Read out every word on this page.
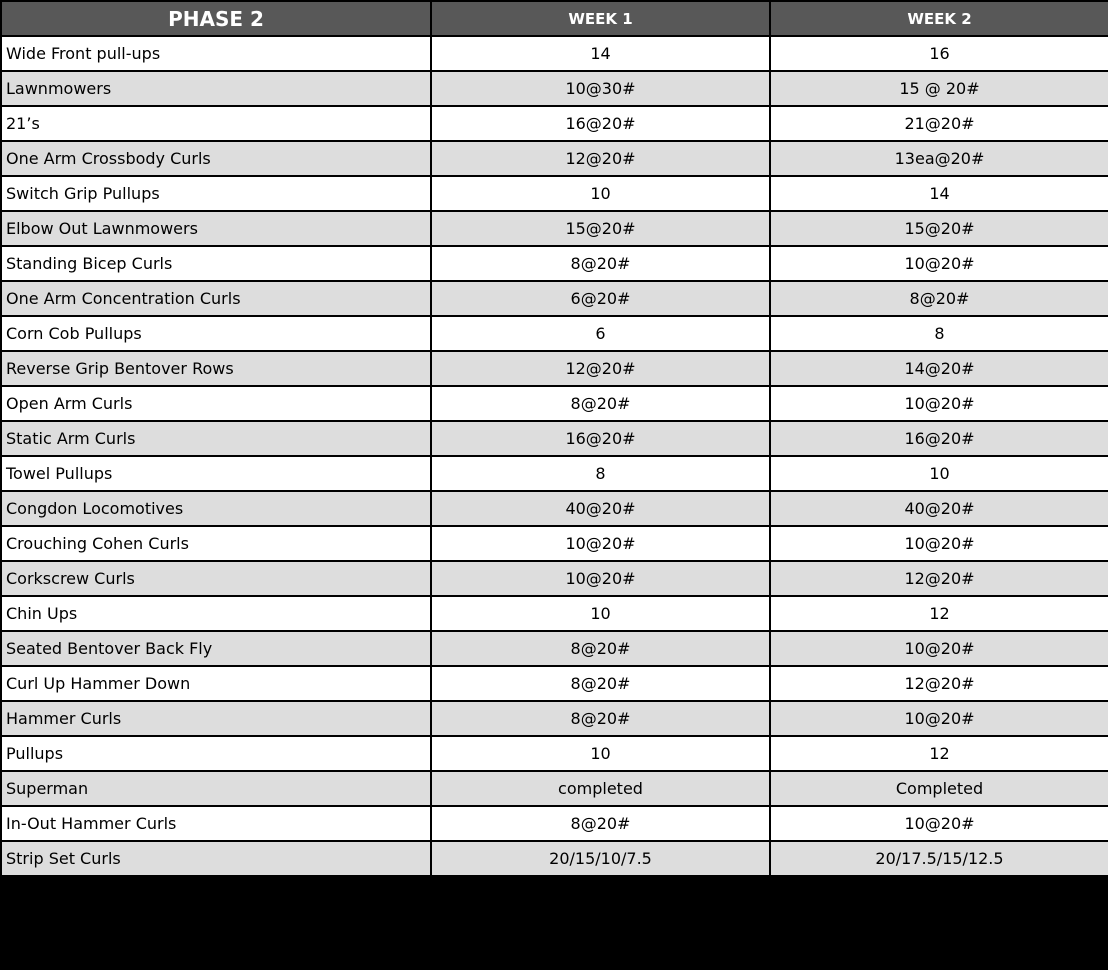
PHASE 2	WEEK 1	WEEK 2
Wide Front pull-ups	14	16
Lawnmowers	10@30#	15 @ 20#
21’s	16@20#	21@20#
One Arm Crossbody Curls	12@20#	13ea@20#
Switch Grip Pullups	10	14
Elbow Out Lawnmowers	15@20#	15@20#
Standing Bicep Curls	8@20#	10@20#
One Arm Concentration Curls	6@20#	8@20#
Corn Cob Pullups	6	8
Reverse Grip Bentover Rows	12@20#	14@20#
Open Arm Curls	8@20#	10@20#
Static Arm Curls	16@20#	16@20#
Towel Pullups	8	10
Congdon Locomotives	40@20#	40@20#
Crouching Cohen Curls	10@20#	10@20#
Corkscrew Curls	10@20#	12@20#
Chin Ups	10	12
Seated Bentover Back Fly	8@20#	10@20#
Curl Up Hammer Down	8@20#	12@20#
Hammer Curls	8@20#	10@20#
Pullups	10	12
Superman	completed	Completed
In-Out Hammer Curls	8@20#	10@20#
Strip Set Curls	20/15/10/7.5	20/17.5/15/12.5
